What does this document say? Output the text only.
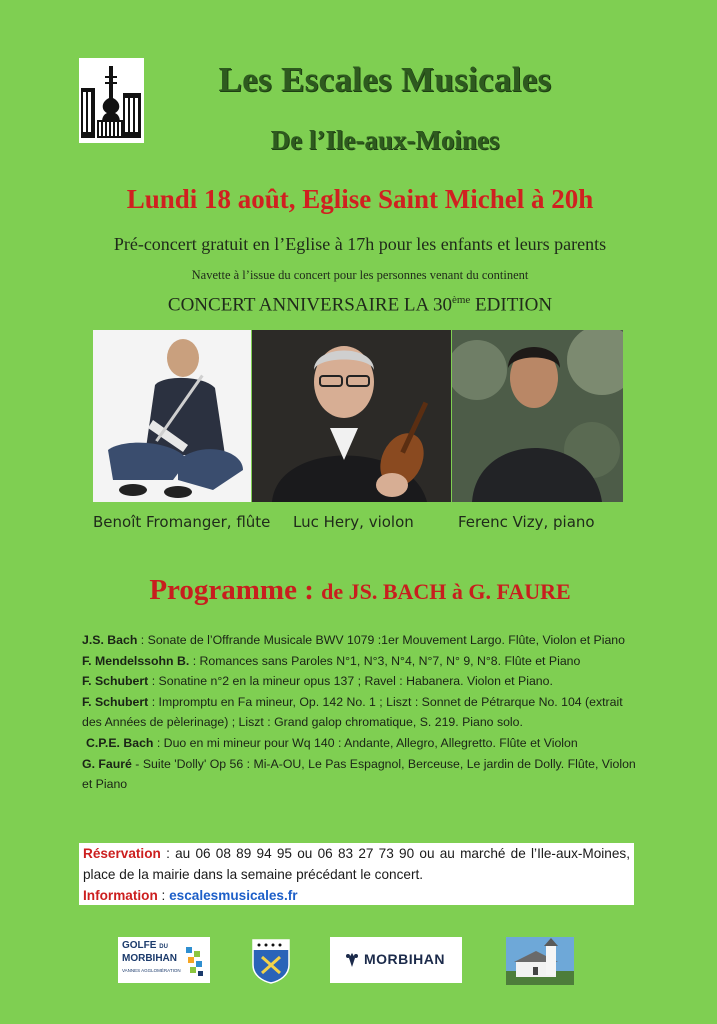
Les Escales Musicales
De l’Ile-aux-Moines
Lundi 18 août, Eglise Saint Michel à 20h
Pré-concert gratuit en l’Eglise à 17h pour les enfants et leurs parents
Navette à l’issue du concert pour les personnes venant du continent
CONCERT ANNIVERSAIRE LA 30ème EDITION
Benoît Fromanger, flûte Luc Hery, violon	Ferenc Vizy, piano
Programme : de JS. BACH à G. FAURE

J.S. Bach : Sonate de l’Offrande Musicale BWV 1079 :1er Mouvement Largo. Flûte, Violon et Piano

F. Mendelssohn B. : Romances sans Paroles N°1, N°3, N°4, N°7, N° 9, N°8. Flûte et Piano

F. Schubert : Sonatine n°2 en la mineur opus 137 ; Ravel : Habanera. Violon et Piano.

F. Schubert : Impromptu en Fa mineur, Op. 142 No. 1 ; Liszt : Sonnet de Pétrarque No. 104 (extrait des Années de pèlerinage) ; Liszt : Grand galop chromatique, S. 219. Piano solo.

C.P.E. Bach : Duo en mi mineur pour Wq 140 : Andante, Allegro, Allegretto. Flûte et Violon

G. Fauré - Suite 'Dolly' Op 56 : Mi-A-OU, Le Pas Espagnol, Berceuse, Le jardin de Dolly. Flûte, Violon et Piano

Réservation : au 06 08 89 94 95 ou 06 83 27 73 90 ou au marché de l’Ile-aux-Moines, place de la mairie dans la semaine précédant le concert.
Information : escalesmusicales.fr
GOLFE DU
MORBIHAN
VANNES AGGLOMÉRATION
MORBIHAN
